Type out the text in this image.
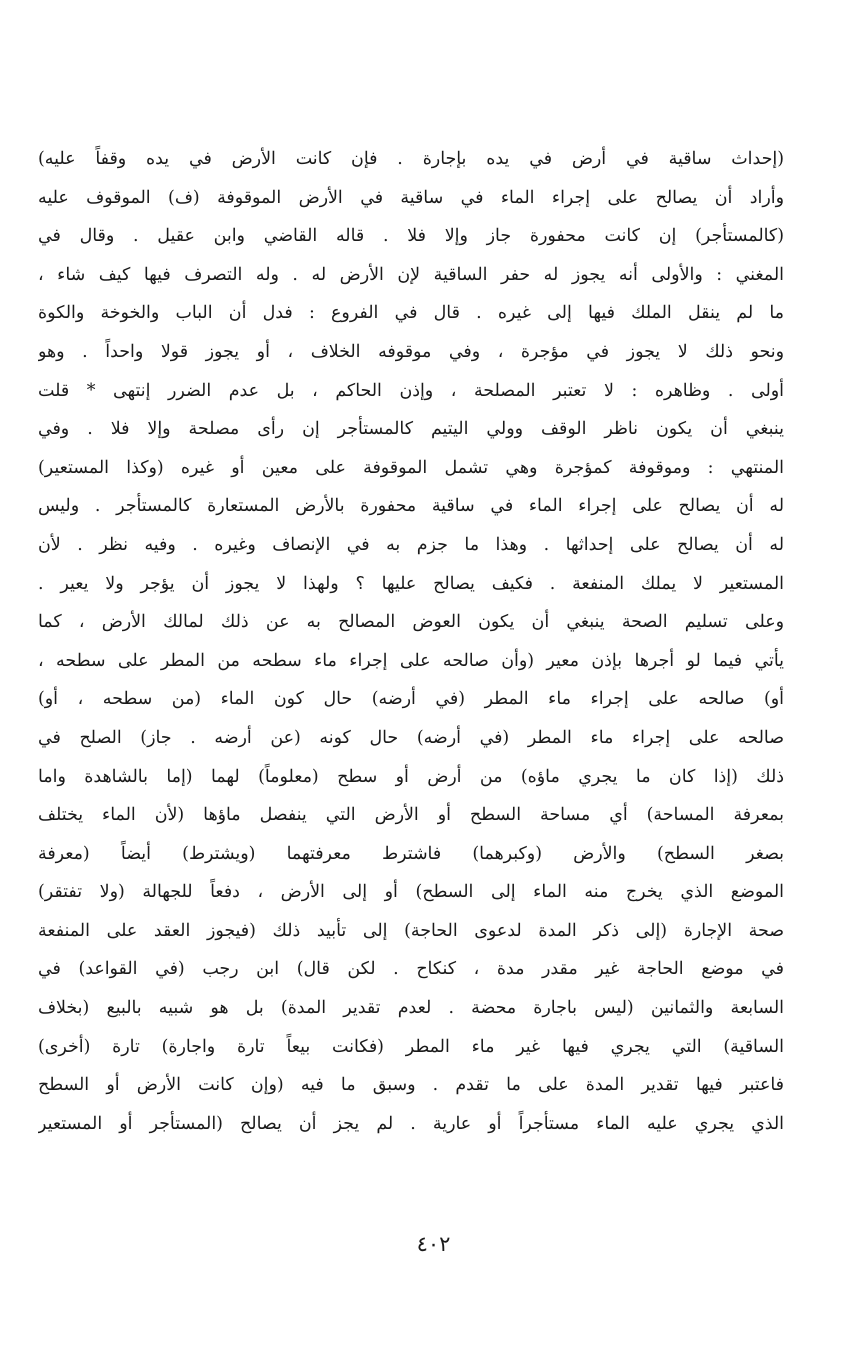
(إحداث ساقية في أرض في يده بإجارة . فإن كانت الأرض في يده وقفاً عليه)
وأراد أن يصالح على إجراء الماء في ساقية في الأرض الموقوفة (ف) الموقوف عليه
(كالمستأجر) إن كانت محفورة جاز وإلا فلا . قاله القاضي وابن عقيل . وقال في
المغني : والأولى أنه يجوز له حفر الساقية لإن الأرض له . وله التصرف فيها كيف شاء ،
ما لم ينقل الملك فيها إلى غيره . قال في الفروع : فدل أن الباب والخوخة والكوة
ونحو ذلك لا يجوز في مؤجرة ، وفي موقوفه الخلاف ، أو يجوز قولا واحداً . وهو
أولى . وظاهره : لا تعتبر المصلحة ، وإذن الحاكم ، بل عدم الضرر إنتهى * قلت
ينبغي أن يكون ناظر الوقف وولي اليتيم كالمستأجر إن رأى مصلحة وإلا فلا . وفي
المنتهي : وموقوفة كمؤجرة وهي تشمل الموقوفة على معين أو غيره (وكذا المستعير)
له أن يصالح على إجراء الماء في ساقية محفورة بالأرض المستعارة كالمستأجر . وليس
له أن يصالح على إحداثها . وهذا ما جزم به في الإنصاف وغيره . وفيه نظر . لأن
المستعير لا يملك المنفعة . فكيف يصالح عليها ؟ ولهذا لا يجوز أن يؤجر ولا يعير .
وعلى تسليم الصحة ينبغي أن يكون العوض المصالح به عن ذلك لمالك الأرض ، كما
يأتي فيما لو أجرها بإذن معير (وأن صالحه على إجراء ماء سطحه من المطر على سطحه ،
أو) صالحه على إجراء ماء المطر (في أرضه) حال كون الماء (من سطحه ، أو)
صالحه على إجراء ماء المطر (في أرضه) حال كونه (عن أرضه . جاز) الصلح في
ذلك (إذا كان ما يجري ماؤه) من أرض أو سطح (معلوماً) لهما (إما بالشاهدة واما
بمعرفة المساحة) أي مساحة السطح أو الأرض التي ينفصل ماؤها (لأن الماء يختلف
بصغر السطح) والأرض (وكبرهما) فاشترط معرفتهما (ويشترط) أيضاً (معرفة
الموضع الذي يخرج منه الماء إلى السطح) أو إلى الأرض ، دفعاً للجهالة (ولا تفتقر)
صحة الإجارة (إلى ذكر المدة لدعوى الحاجة) إلى تأبيد ذلك (فيجوز العقد على المنفعة
في موضع الحاجة غير مقدر مدة ، كنكاح . لكن قال) ابن رجب (في القواعد) في
السابعة والثمانين (ليس باجارة محضة . لعدم تقدير المدة) بل هو شبيه بالبيع (بخلاف
الساقية) التي يجري فيها غير ماء المطر (فكانت بيعاً تارة واجارة) تارة (أخرى)
فاعتبر فيها تقدير المدة على ما تقدم . وسبق ما فيه (وإن كانت الأرض أو السطح
الذي يجري عليه الماء مستأجراً أو عارية . لم يجز أن يصالح (المستأجر أو المستعير
٤٠٢
